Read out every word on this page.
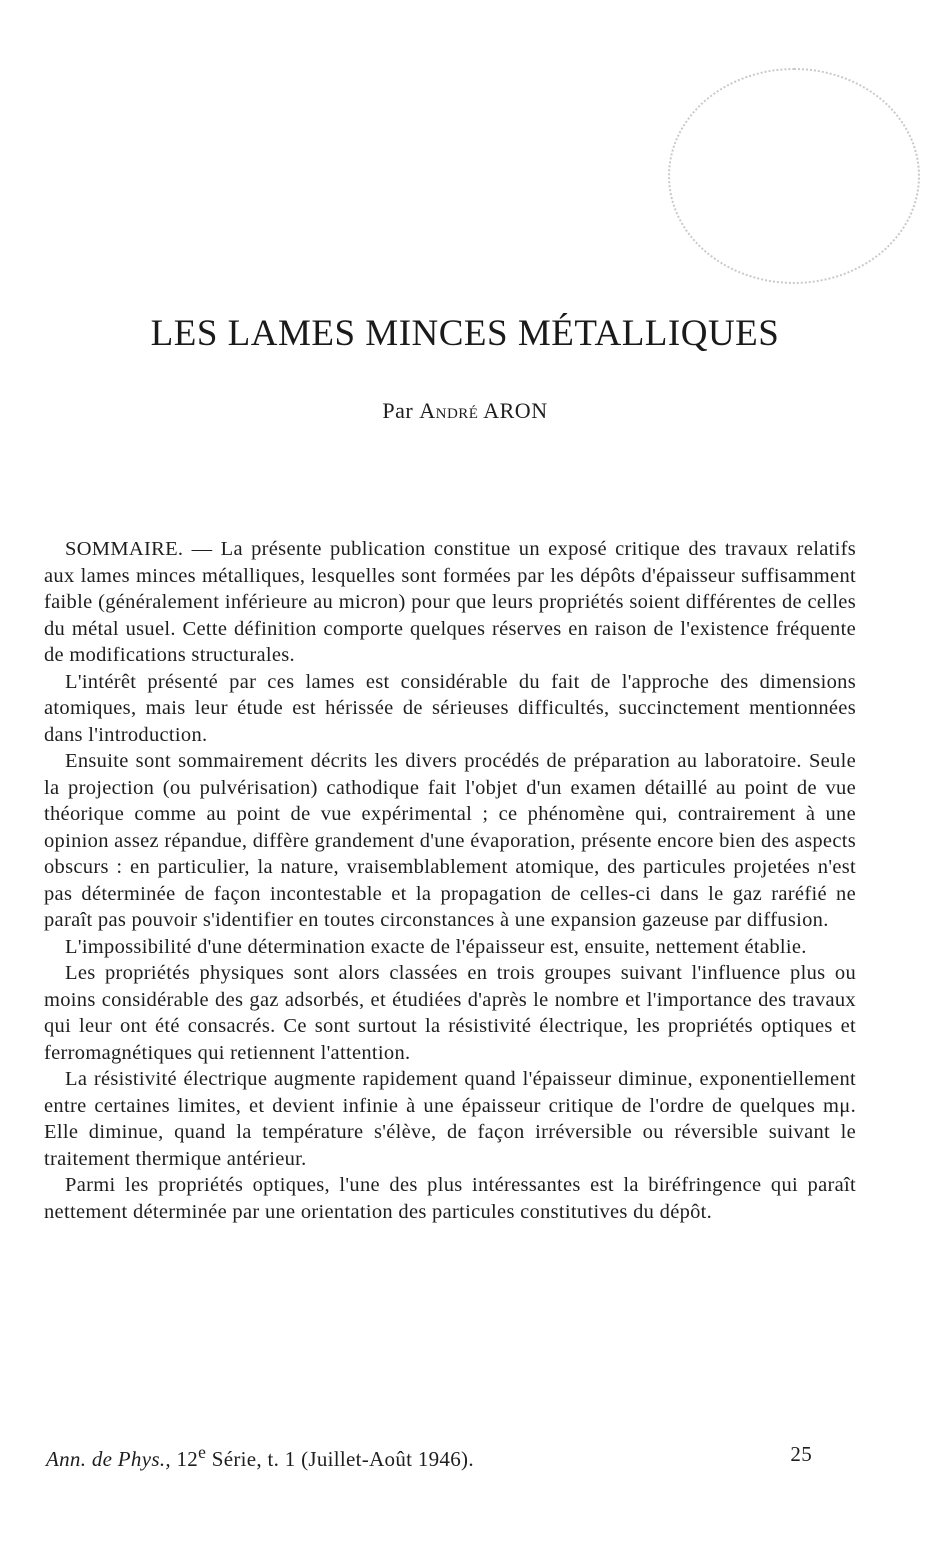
LES LAMES MINCES MÉTALLIQUES
Par André ARON

SOMMAIRE. — La présente publication constitue un exposé critique des travaux relatifs aux lames minces métalliques, lesquelles sont formées par les dépôts d'épaisseur suffisamment faible (généralement inférieure au micron) pour que leurs propriétés soient différentes de celles du métal usuel. Cette définition comporte quelques réserves en raison de l'existence fréquente de modifications structurales.

L'intérêt présenté par ces lames est considérable du fait de l'approche des dimensions atomiques, mais leur étude est hérissée de sérieuses difficultés, succinctement mentionnées dans l'introduction.

Ensuite sont sommairement décrits les divers procédés de préparation au laboratoire. Seule la projection (ou pulvérisation) cathodique fait l'objet d'un examen détaillé au point de vue théorique comme au point de vue expérimental ; ce phénomène qui, contrairement à une opinion assez répandue, diffère grandement d'une évaporation, présente encore bien des aspects obscurs : en particulier, la nature, vraisemblablement atomique, des particules projetées n'est pas déterminée de façon incontestable et la propagation de celles-ci dans le gaz raréfié ne paraît pas pouvoir s'identifier en toutes circonstances à une expansion gazeuse par diffusion.

L'impossibilité d'une détermination exacte de l'épaisseur est, ensuite, nettement établie.

Les propriétés physiques sont alors classées en trois groupes suivant l'influence plus ou moins considérable des gaz adsorbés, et étudiées d'après le nombre et l'importance des travaux qui leur ont été consacrés. Ce sont surtout la résistivité électrique, les propriétés optiques et ferromagnétiques qui retiennent l'attention.

La résistivité électrique augmente rapidement quand l'épaisseur diminue, exponentiellement entre certaines limites, et devient infinie à une épaisseur critique de l'ordre de quelques mμ. Elle diminue, quand la température s'élève, de façon irréversible ou réversible suivant le traitement thermique antérieur.

Parmi les propriétés optiques, l'une des plus intéressantes est la biréfringence qui paraît nettement déterminée par une orientation des particules constitutives du dépôt.

Ann. de Phys., 12e Série, t. 1 (Juillet-Août 1946).	25
